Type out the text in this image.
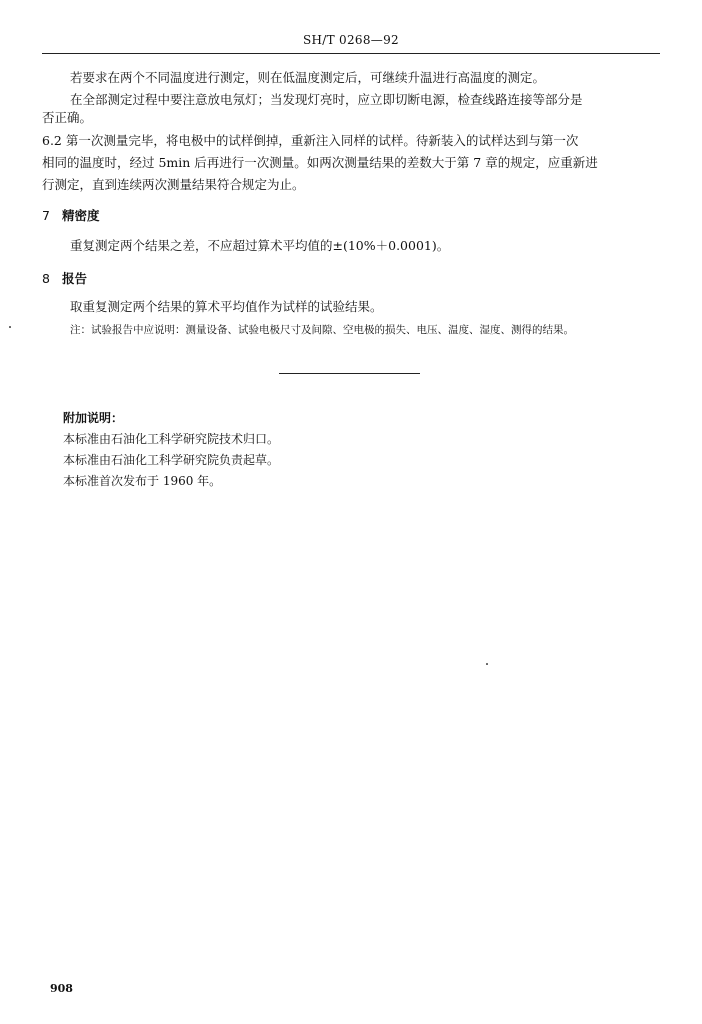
SH/T 0268—92
若要求在两个不同温度进行测定，则在低温度测定后，可继续升温进行高温度的测定。
在全部测定过程中要注意放电氖灯；当发现灯亮时，应立即切断电源，检查线路连接等部分是
否正确。
6.2 第一次测量完毕，将电极中的试样倒掉，重新注入同样的试样。待新装入的试样达到与第一次
相同的温度时，经过 5min 后再进行一次测量。如两次测量结果的差数大于第 7 章的规定，应重新进
行测定，直到连续两次测量结果符合规定为止。
7 精密度
重复测定两个结果之差，不应超过算术平均值的±(10%＋0.0001)。
8 报告
取重复测定两个结果的算术平均值作为试样的试验结果。
注：试验报告中应说明：测量设备、试验电极尺寸及间隙、空电极的损失、电压、温度、湿度、测得的结果。
附加说明：
本标准由石油化工科学研究院技术归口。
本标准由石油化工科学研究院负责起草。
本标准首次发布于 1960 年。
908
